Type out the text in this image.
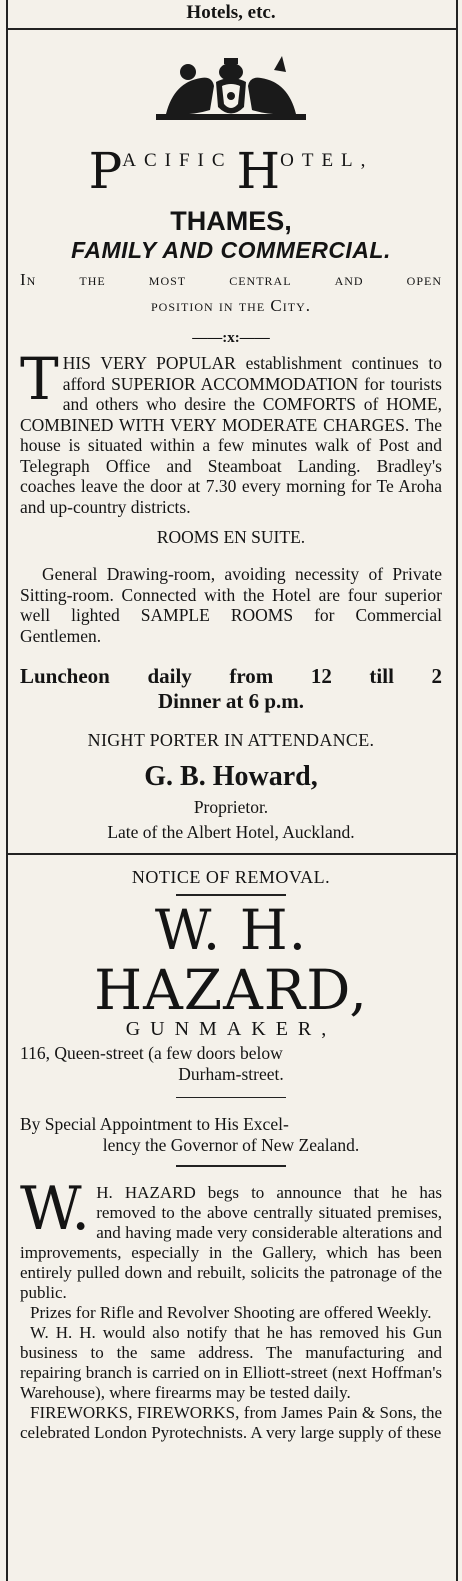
Hotels, etc.
PACIFIC HOTEL,
THAMES,
FAMILY AND COMMERCIAL.
In	the	most	central	and	open
position in the City.
——:x:——
THIS VERY POPULAR establishment continues to afford SUPERIOR ACCOMMODATION for tourists and others who desire the COMFORTS of HOME, COMBINED WITH VERY MODERATE CHARGES. The house is situated within a few minutes walk of Post and Telegraph Office and Steamboat Landing. Bradley's coaches leave the door at 7.30 every morning for Te Aroha and up-country districts.
ROOMS EN SUITE.
General Drawing-room, avoiding necessity of Private Sitting-room. Connected with the Hotel are four superior well lighted SAMPLE ROOMS for Commercial Gentlemen.
Luncheon daily from 12 till 2
Dinner at 6 p.m.
NIGHT PORTER IN ATTENDANCE.
G. B. Howard,
Proprietor.
Late of the Albert Hotel, Auckland.
NOTICE OF REMOVAL.
W. H. HAZARD,
GUNMAKER,
116, Queen-street (a few doors below
Durham-street.
By Special Appointment to His Excel-
lency the Governor of New Zealand.
W. H. HAZARD begs to announce that he has removed to the above centrally situated premises, and having made very considerable alterations and improvements, especially in the Gallery, which has been entirely pulled down and rebuilt, solicits the patronage of the public.
Prizes for Rifle and Revolver Shooting are offered Weekly.
W. H. H. would also notify that he has removed his Gun business to the same address. The manufacturing and repairing branch is carried on in Elliott-street (next Hoffman's Warehouse), where firearms may be tested daily.
FIREWORKS, FIREWORKS, from James Pain & Sons, the celebrated London Pyrotechnists. A very large supply of these
